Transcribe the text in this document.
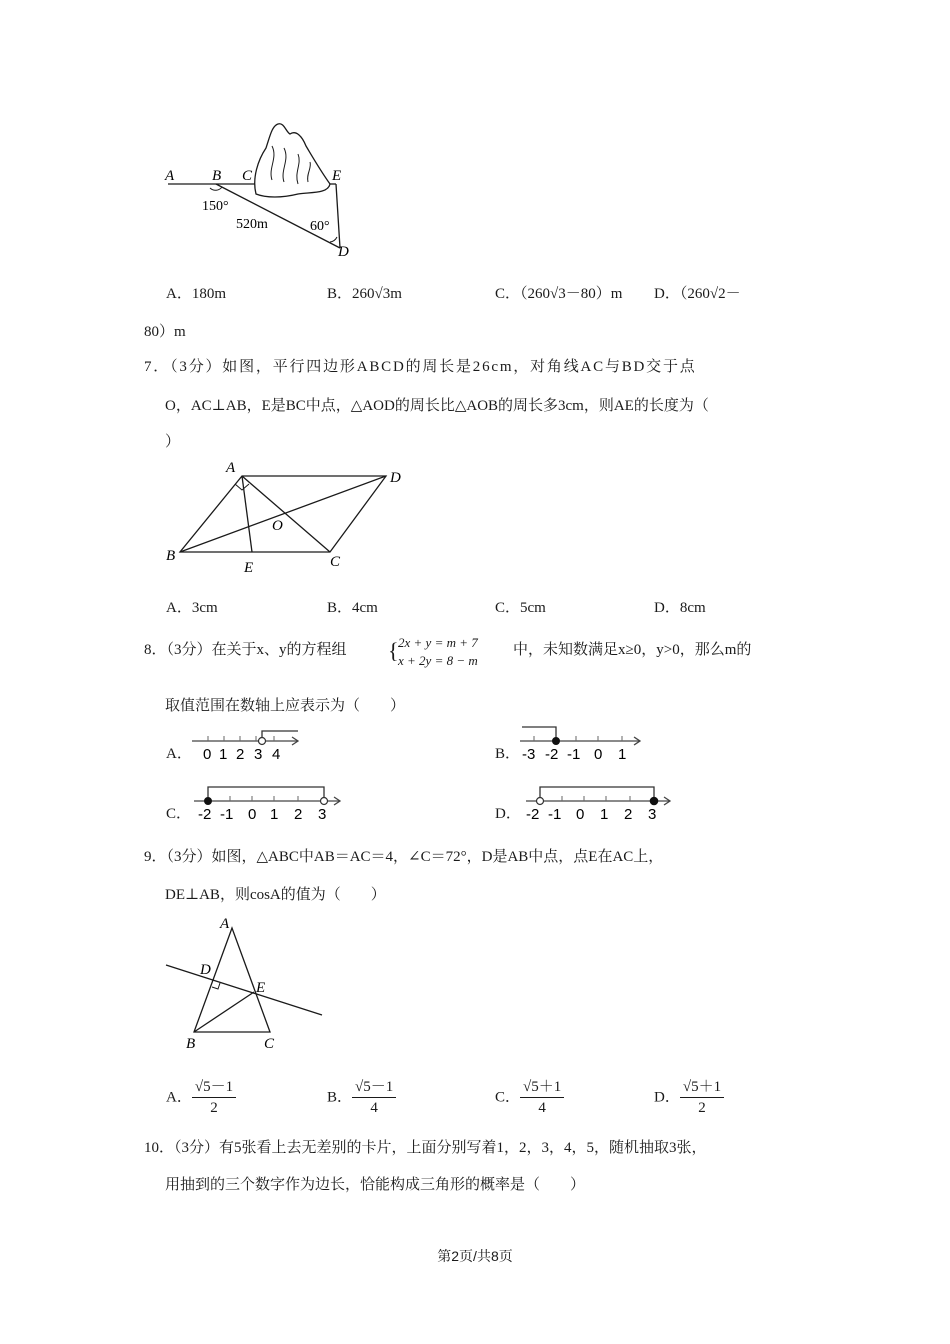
A	B C	E
D
150°
520m	60°
A．180m	B．260√3m	C．（260√3－80）m D．（260√2－
80）m
7．（3分）如图，平行四边形ABCD的周长是26cm，对角线AC与BD交于点
O，AC⊥AB，E是BC中点，△AOD的周长比△AOB的周长多3cm，则AE的长度为（
）
A
D
B	C
E
O
A．3cm	B．4cm	C．5cm	D．8cm
8．（3分）在关于x、y的方程组 { 2x + y = m + 7
x + 2y = 8 − m
中，未知数满足x≥0，y>0，那么m的
取值范围在数轴上应表示为（　　）
A． 0 1 2 3 4	B． -3 -2 -1 0 1
C． -2 -1 0 1 2 3	D． -2 -1 0 1 2 3
9．（3分）如图，△ABC中AB＝AC＝4，∠C＝72°，D是AB中点，点E在AC上，
DE⊥AB，则cosA的值为（　　）
A
D
E
B	C
A． $\frac{√5-1}{2}$	B． $\frac{√5-1}{4}$	C． $\frac{√5+1}{4}$	D． $\frac{√5+1}{2}$
10．（3分）有5张看上去无差别的卡片，上面分别写着1，2，3，4，5，随机抽取3张，
用抽到的三个数字作为边长，恰能构成三角形的概率是（　　）
第2页/共8页
